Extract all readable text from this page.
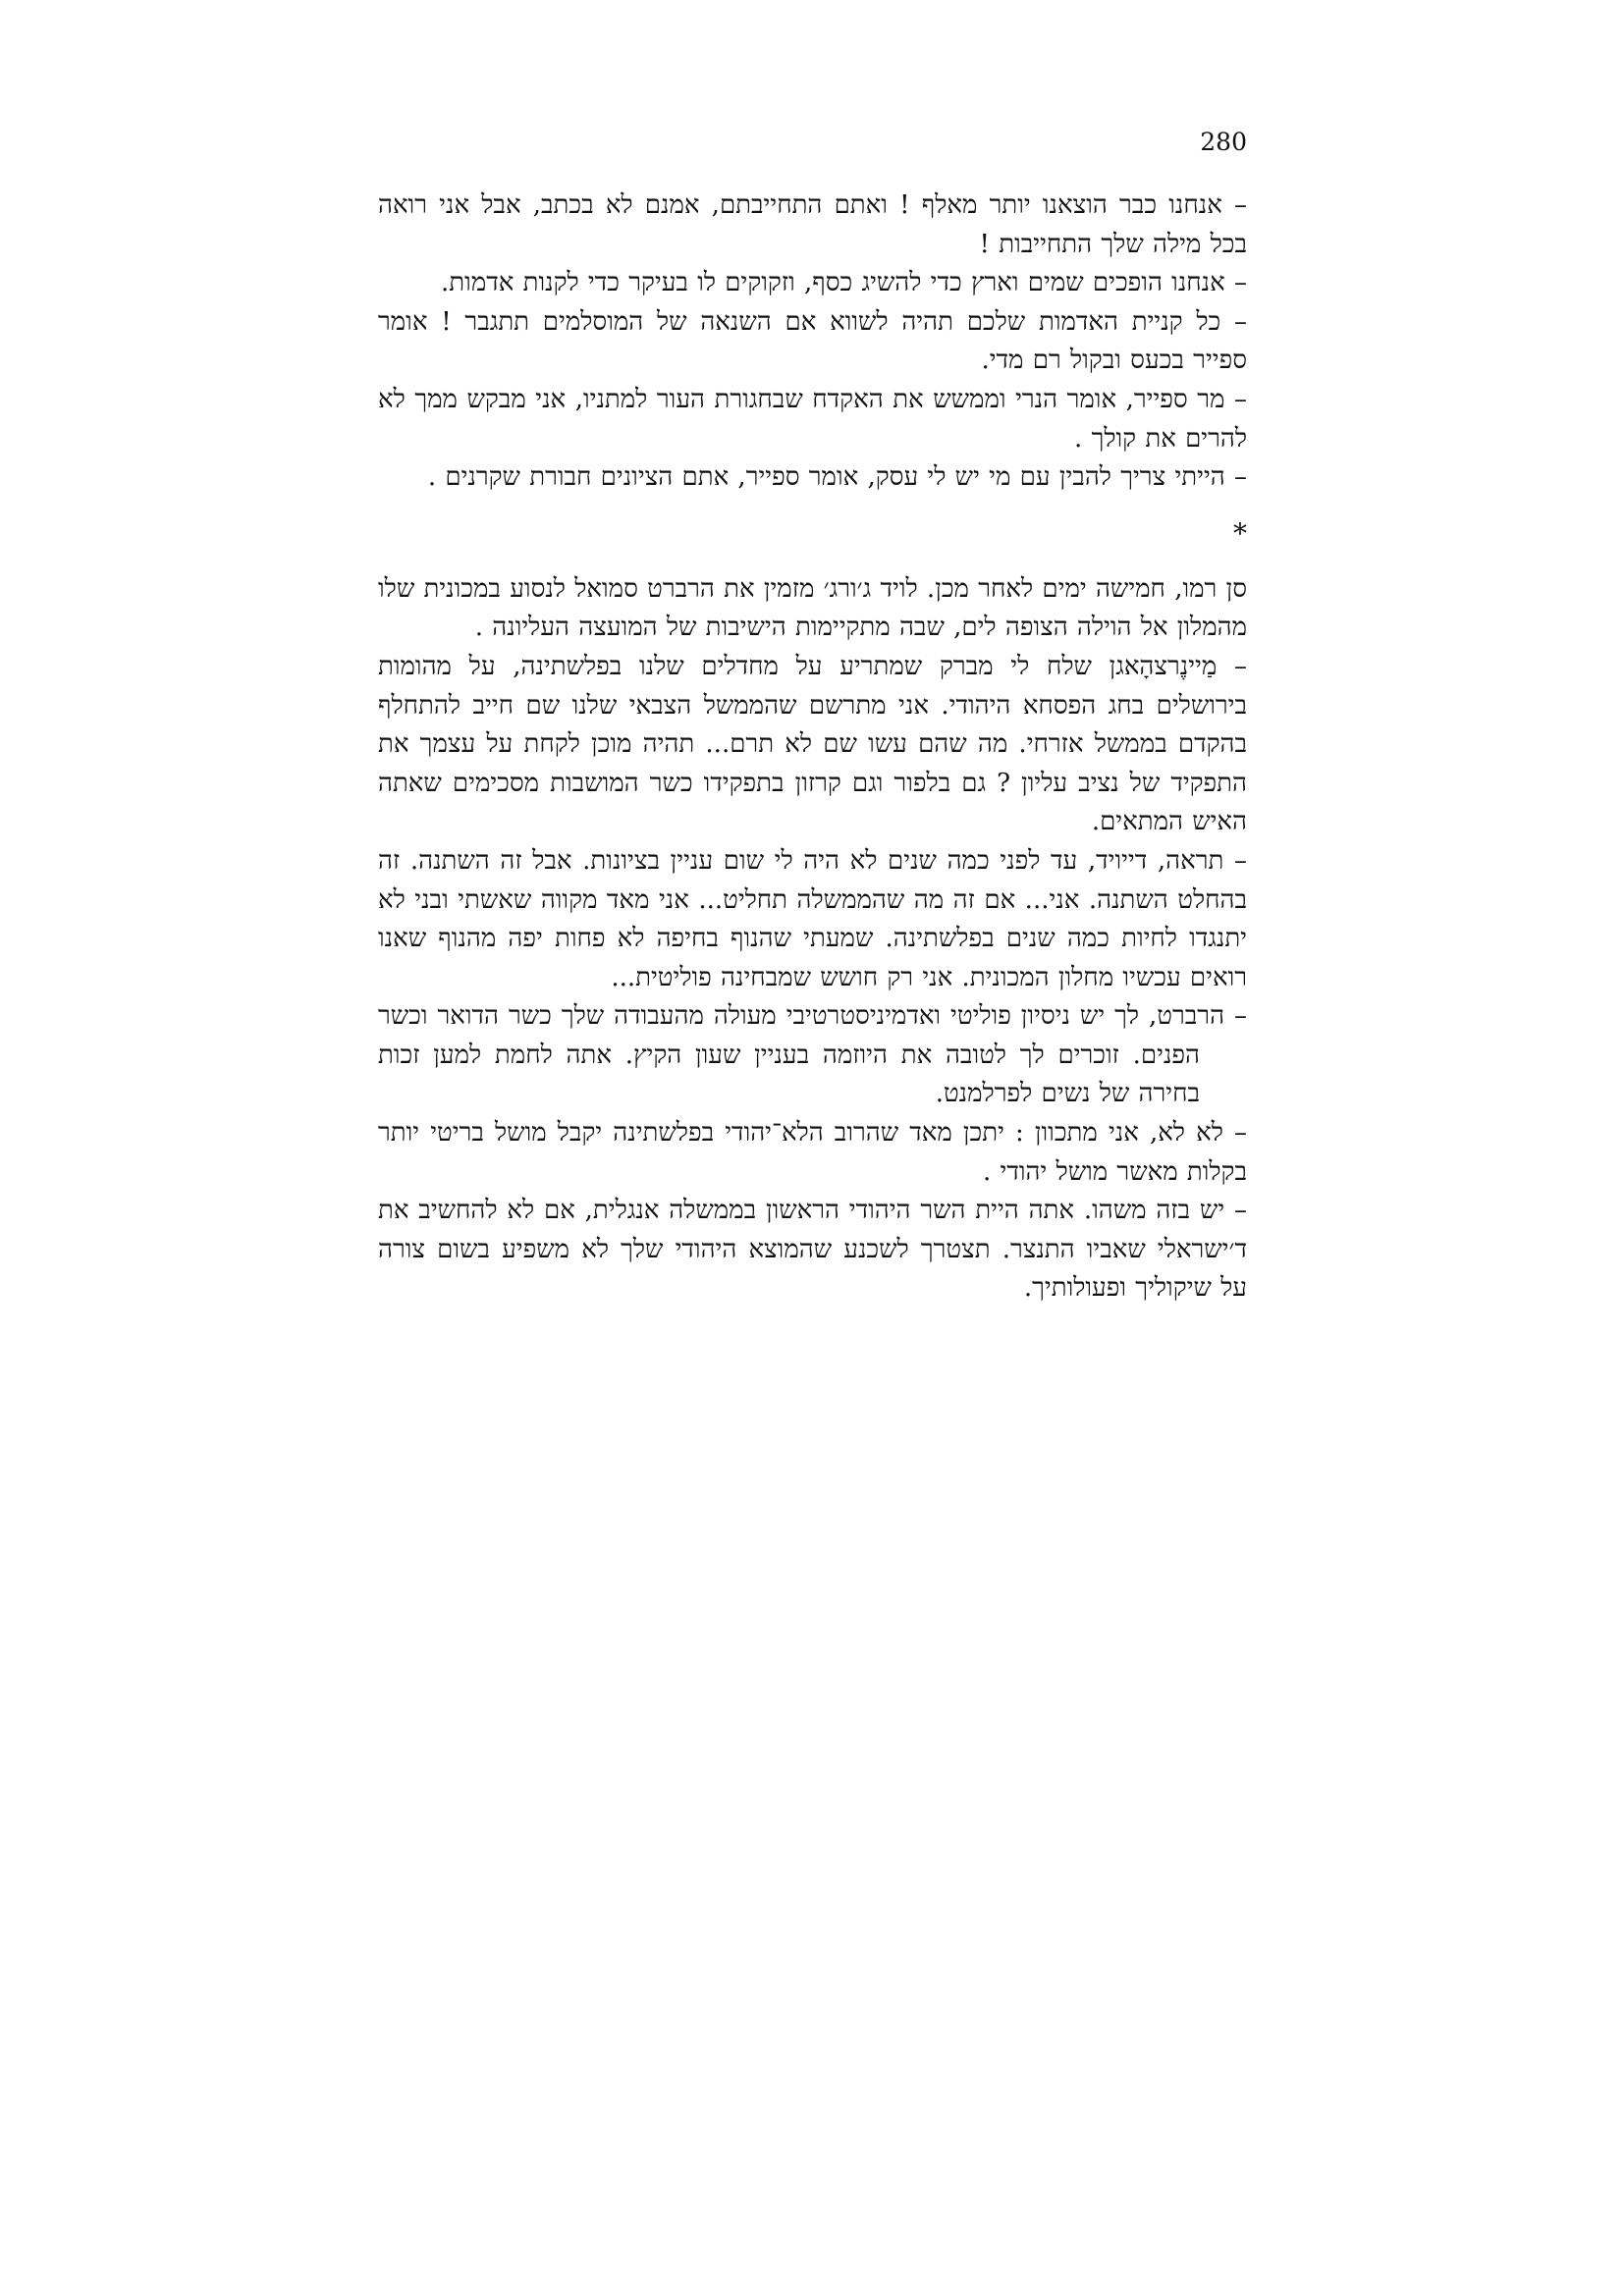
280

– אנחנו כבר הוצאנו יותר מאלף ! ואתם התחייבתם, אמנם לא בכתב, אבל אני רואה בכל מילה שלך התחייבות !

– אנחנו הופכים שמים וארץ כדי להשיג כסף, וזקוקים לו בעיקר כדי לקנות אדמות.

– כל קניית האדמות שלכם תהיה לשווא אם השנאה של המוסלמים תתגבר ! אומר ספייר בכעס ובקול רם מדי.

– מר ספייר, אומר הנרי וממשש את האקדח שבחגורת העור למתניו, אני מבקש ממך לא להרים את קולך .

– הייתי צריך להבין עם מי יש לי עסק, אומר ספייר, אתם הציונים חבורת שקרנים .

*

סן רמו, חמישה ימים לאחר מכן. לויד ג׳ורג׳ מזמין את הרברט סמואל לנסוע במכונית שלו מהמלון אל הוילה הצופה לים, שבה מתקיימות הישיבות של המועצה העליונה .

– מַיינֶרצהָאגן שלח לי מברק שמתריע על מחדלים שלנו בפלשתינה, על מהומות בירושלים בחג הפסחא היהודי. אני מתרשם שהממשל הצבאי שלנו שם חייב להתחלף בהקדם בממשל אזרחי. מה שהם עשו שם לא תרם... תהיה מוכן לקחת על עצמך את התפקיד של נציב עליון ? גם בלפור וגם קרזון בתפקידו כשר המושבות מסכימים שאתה האיש המתאים.

– תראה, דייויד, עד לפני כמה שנים לא היה לי שום עניין בציונות. אבל זה השתנה. זה בהחלט השתנה. אני... אם זה מה שהממשלה תחליט... אני מאד מקווה שאשתי ובני לא יתנגדו לחיות כמה שנים בפלשתינה. שמעתי שהנוף בחיפה לא פחות יפה מהנוף שאנו רואים עכשיו מחלון המכונית. אני רק חושש שמבחינה פוליטית...

– הרברט, לך יש ניסיון פוליטי ואדמיניסטרטיבי מעולה מהעבודה שלך כשר הדואר וכשר הפנים. זוכרים לך לטובה את היוזמה בעניין שעון הקיץ. אתה לחמת למען זכות בחירה של נשים לפרלמנט.

– לא לא, אני מתכוון : יתכן מאד שהרוב הלא־יהודי בפלשתינה יקבל מושל בריטי יותר בקלות מאשר מושל יהודי .

– יש בזה משהו. אתה היית השר היהודי הראשון בממשלה אנגלית, אם לא להחשיב את ד׳ישראלי שאביו התנצר. תצטרך לשכנע שהמוצא היהודי שלך לא משפיע בשום צורה על שיקוליך ופעולותיך.
